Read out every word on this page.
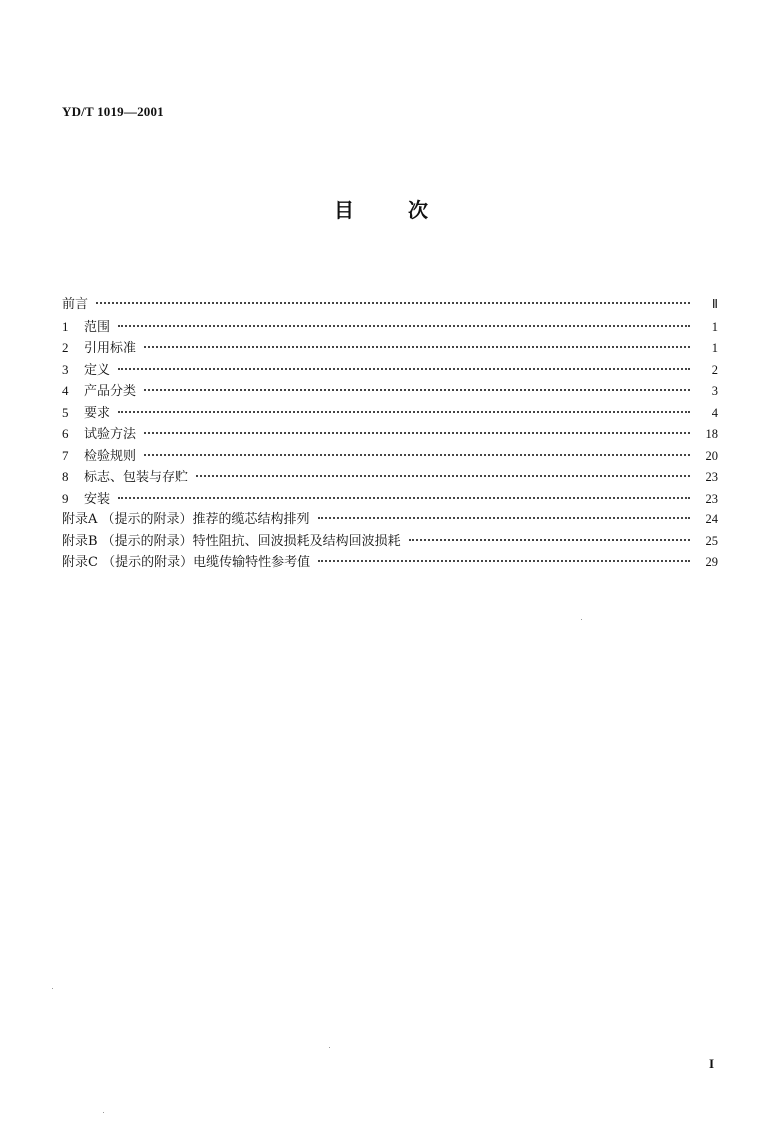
YD/T 1019—2001
目	次
前言	Ⅱ
1	范围	1
2	引用标准	1
3	定义	2
4	产品分类	3
5	要求	4
6	试验方法	18
7	检验规则	20
8	标志、包装与存贮	23
9	安装	23
附录A （提示的附录）推荐的缆芯结构排列	24
附录B （提示的附录）特性阻抗、回波损耗及结构回波损耗	25
附录C （提示的附录）电缆传输特性参考值	29
I
